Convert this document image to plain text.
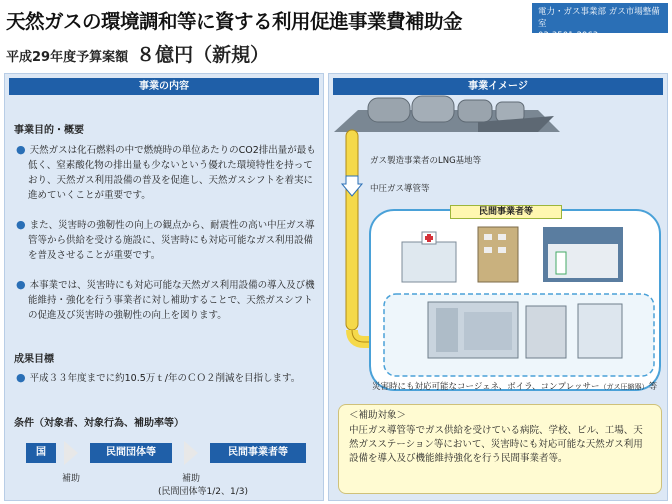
天然ガスの環境調和等に資する利用促進事業費補助金
平成29年度予算案額 ８億円（新規）
電力・ガス事業部 ガス市場整備室
03-3501-2963
事業の内容
事業目的・概要
● 天然ガスは化石燃料の中で燃焼時の単位あたりのCO2排出量が最も低く、窒素酸化物の排出量も少ないという優れた環境特性を持っており、天然ガス利用設備の普及を促進し、天然ガスシフトを着実に進めていくことが重要です。
● また、災害時の強靭性の向上の観点から、耐震性の高い中圧ガス導管等から供給を受ける施設に、災害時にも対応可能なガス利用設備を普及させることが重要です。
● 本事業では、災害時にも対応可能な天然ガス利用設備の導入及び機能維持・強化を行う事業者に対し補助することで、天然ガスシフトの促進及び災害時の強靭性の向上を図ります。
成果目標
● 平成３３年度までに約10.5万ｔ/年のＣＯ２削減を目指します。
条件（対象者、対象行為、補助率等）
国	民間団体等	民間事業者等
補助	補助
(民間団体等1/2、1/3)
事業イメージ
ガス製造事業者のLNG基地等
中圧ガス導管等
民間事業者等
災害時にも対応可能なコージェネ、ボイラ、コンプレッサー（ガス圧縮器）等
＜補助対象＞
中圧ガス導管等でガス供給を受けている病院、学校、ビル、工場、天然ガスステーション等において、災害時にも対応可能な天然ガス利用設備を導入及び機能維持強化を行う民間事業者等。
